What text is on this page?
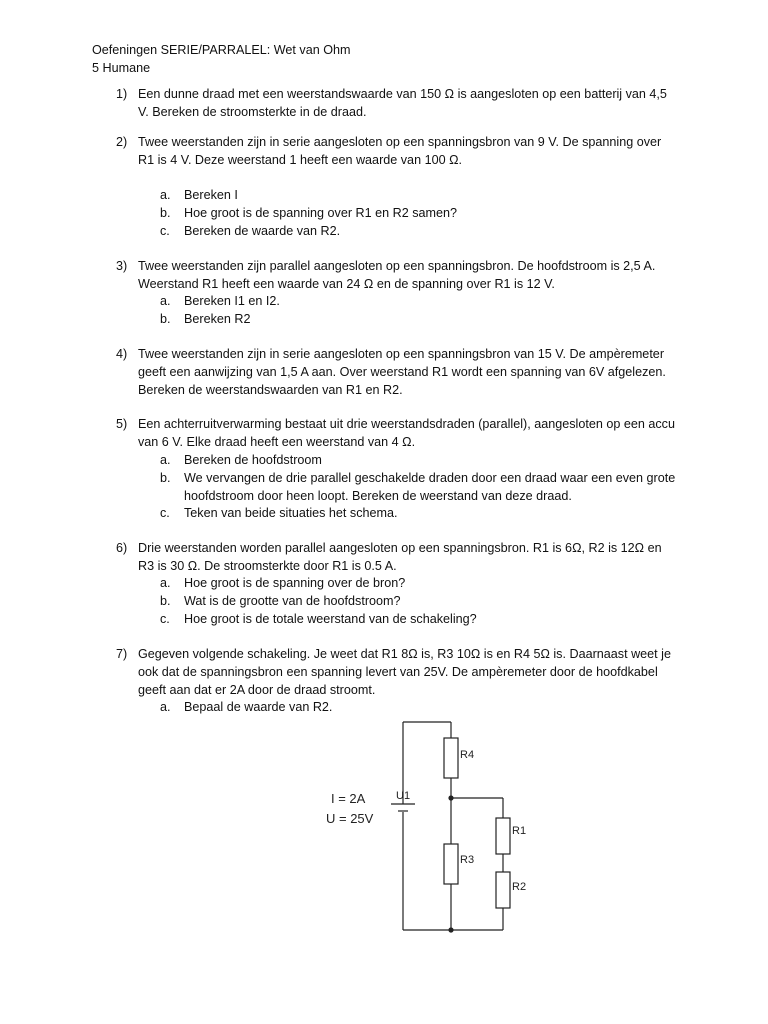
Oefeningen SERIE/PARRALEL: Wet van Ohm
5 Humane
1) Een dunne draad met een weerstandswaarde van 150 Ω is aangesloten op een batterij van 4,5 V. Bereken de stroomsterkte in de draad.
2) Twee weerstanden zijn in serie aangesloten op een spanningsbron van 9 V. De spanning over R1 is 4 V. Deze weerstand 1 heeft een waarde van 100 Ω.
a. Bereken I
b. Hoe groot is de spanning over R1 en R2 samen?
c. Bereken de waarde van R2.
3) Twee weerstanden zijn parallel aangesloten op een spanningsbron. De hoofdstroom is 2,5 A. Weerstand R1 heeft een waarde van 24 Ω en de spanning over R1 is 12 V.
a. Bereken I1 en I2.
b. Bereken R2
4) Twee weerstanden zijn in serie aangesloten op een spanningsbron van 15 V. De ampèremeter geeft een aanwijzing van 1,5 A aan. Over weerstand R1 wordt een spanning van 6V afgelezen. Bereken de weerstandswaarden van R1 en R2.
5) Een achterruitverwarming bestaat uit drie weerstandsdraden (parallel), aangesloten op een accu van 6 V. Elke draad heeft een weerstand van 4 Ω.
a. Bereken de hoofdstroom
b. We vervangen de drie parallel geschakelde draden door een draad waar een even grote hoofdstroom door heen loopt. Bereken de weerstand van deze draad.
c. Teken van beide situaties het schema.
6) Drie weerstanden worden parallel aangesloten op een spanningsbron. R1 is 6Ω, R2 is 12Ω en R3 is 30 Ω. De stroomsterkte door R1 is 0.5 A.
a. Hoe groot is de spanning over de bron?
b. Wat is de grootte van de hoofdstroom?
c. Hoe groot is de totale weerstand van de schakeling?
7) Gegeven volgende schakeling. Je weet dat R1 8Ω is, R3 10Ω is en R4 5Ω is. Daarnaast weet je ook dat de spanningsbron een spanning levert van 25V. De ampèremeter door de hoofdkabel geeft aan dat er 2A door de draad stroomt.
a. Bepaal de waarde van R2.
I = 2A
U = 25V
U1
R4
R3
R1
R2
